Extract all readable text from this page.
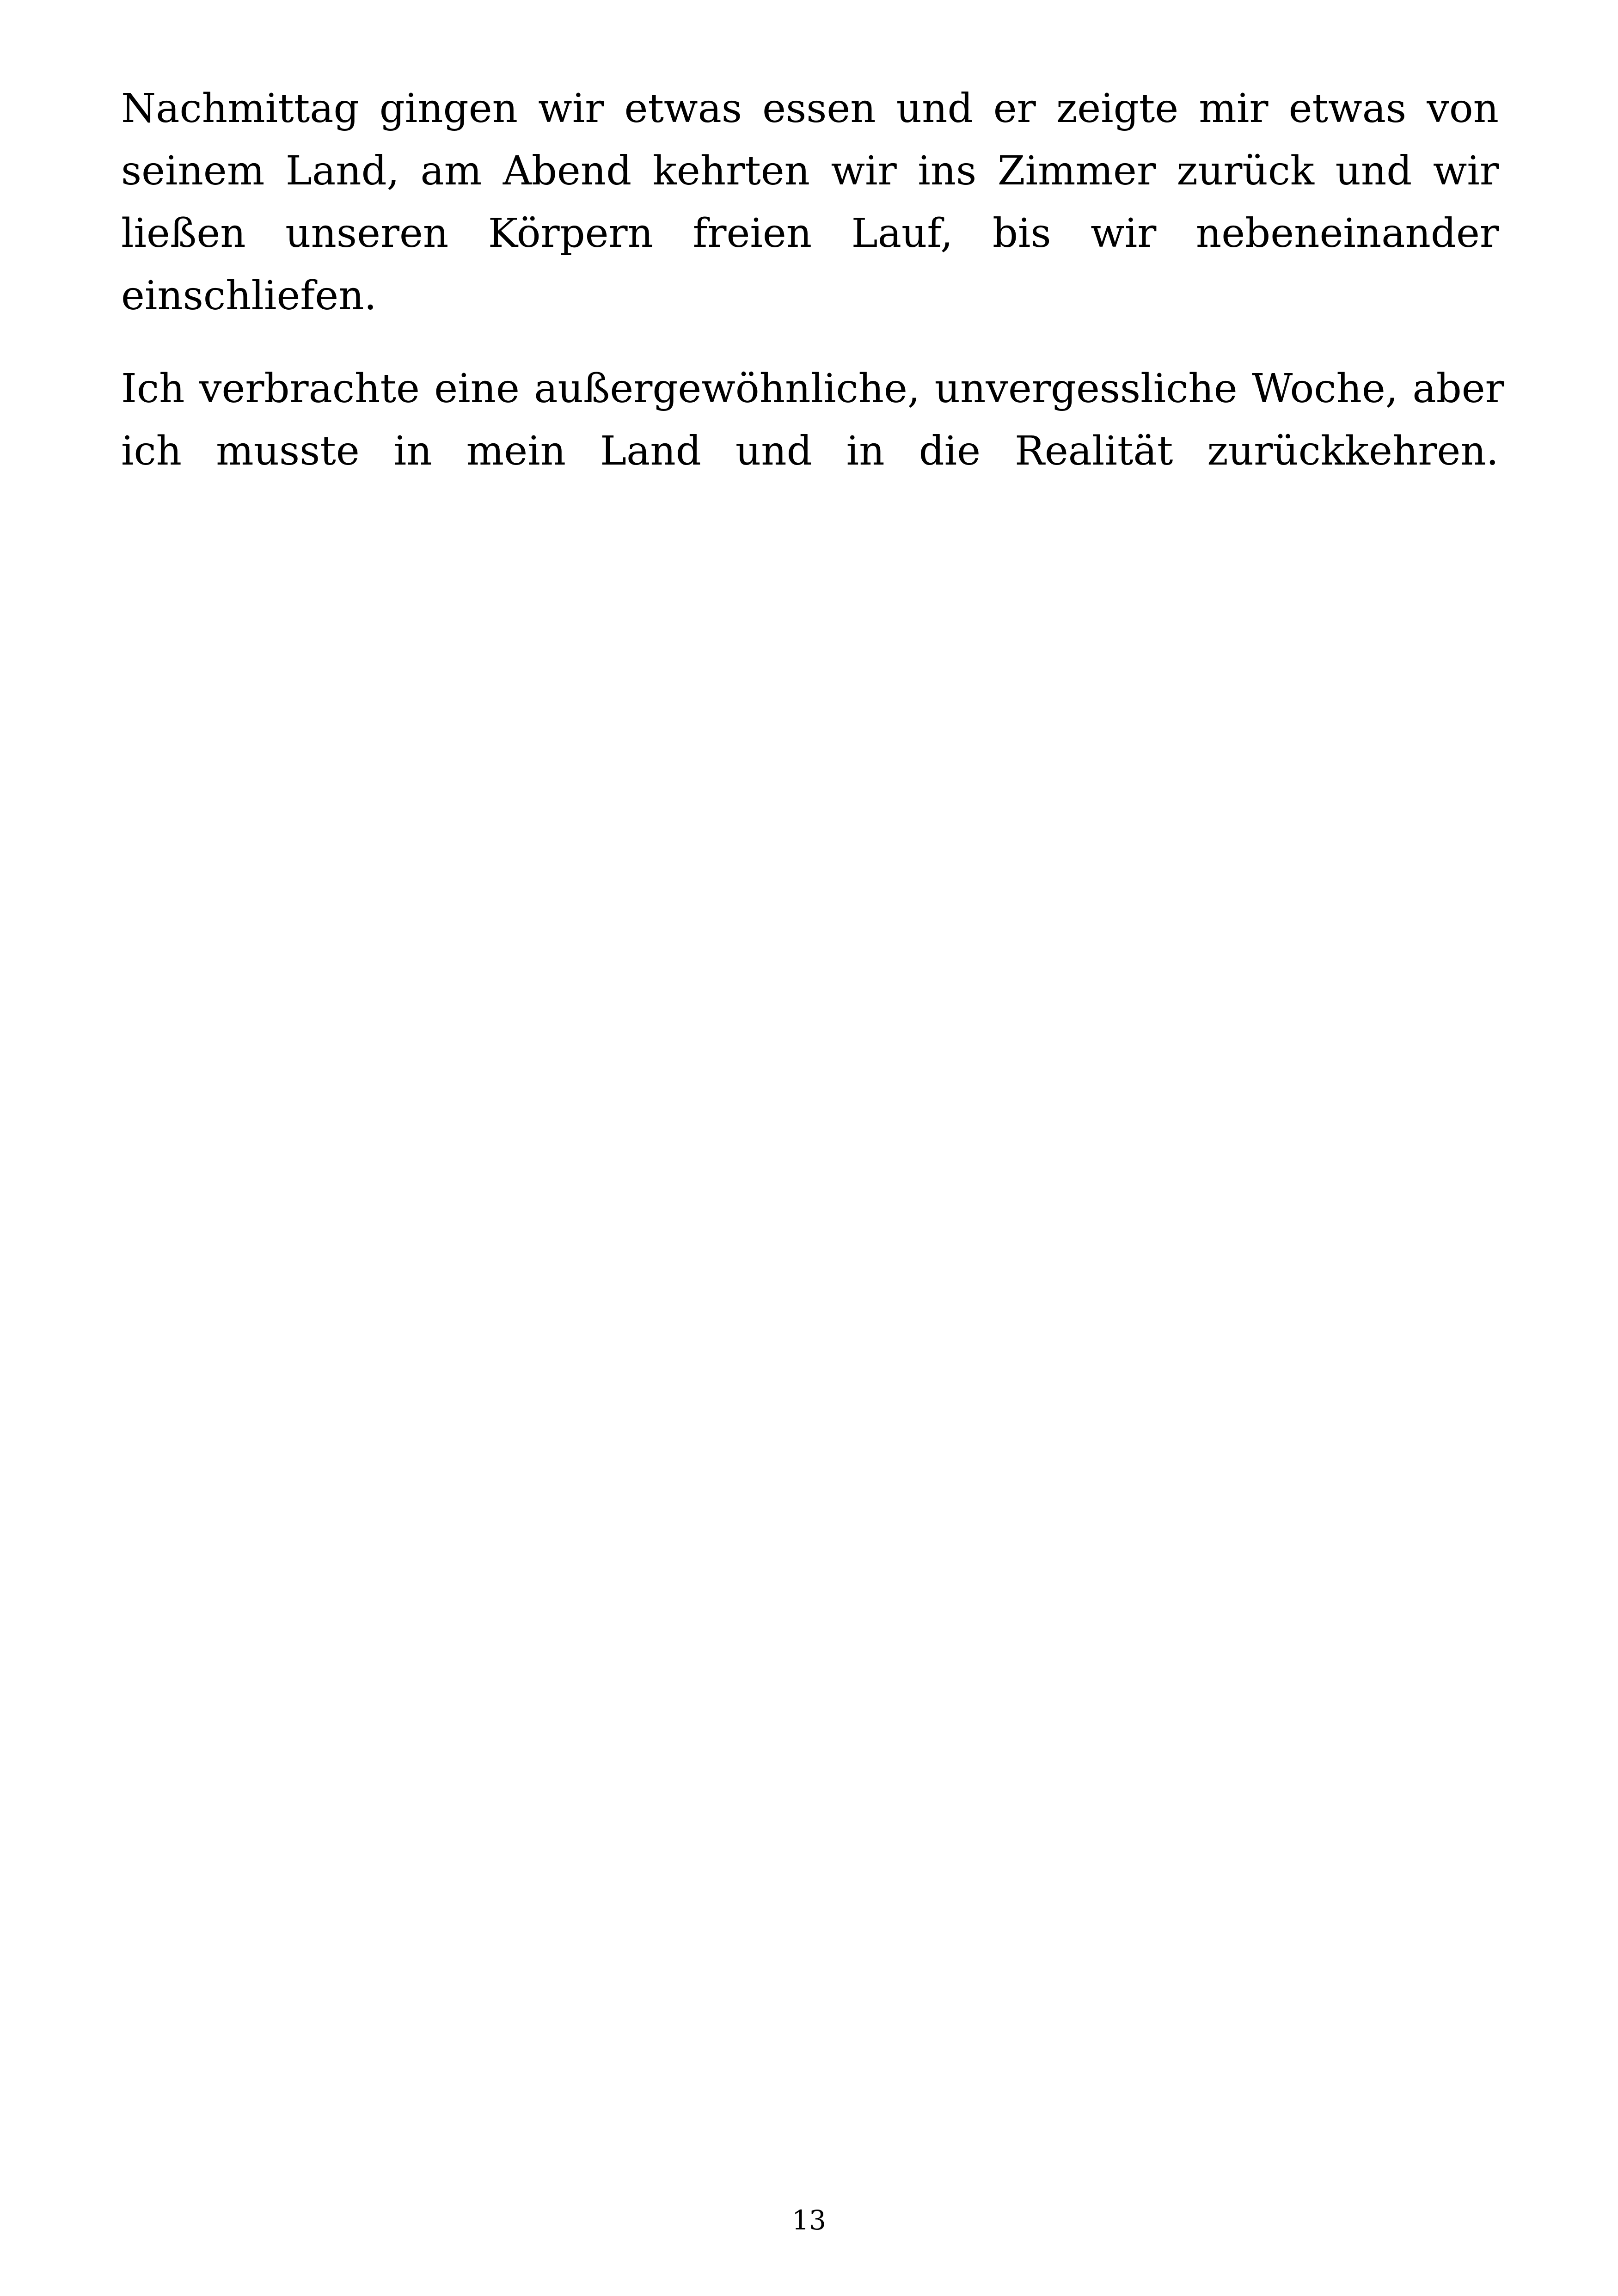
Nachmittag gingen wir etwas essen und er zeigte mir etwas von
seinem Land, am Abend kehrten wir ins Zimmer zurück und wir
ließen unseren Körpern freien Lauf, bis wir nebeneinander
einschliefen.

Ich verbrachte eine außergewöhnliche, unvergessliche Woche, aber
ich musste in mein Land und in die Realität zurückkehren.

13
